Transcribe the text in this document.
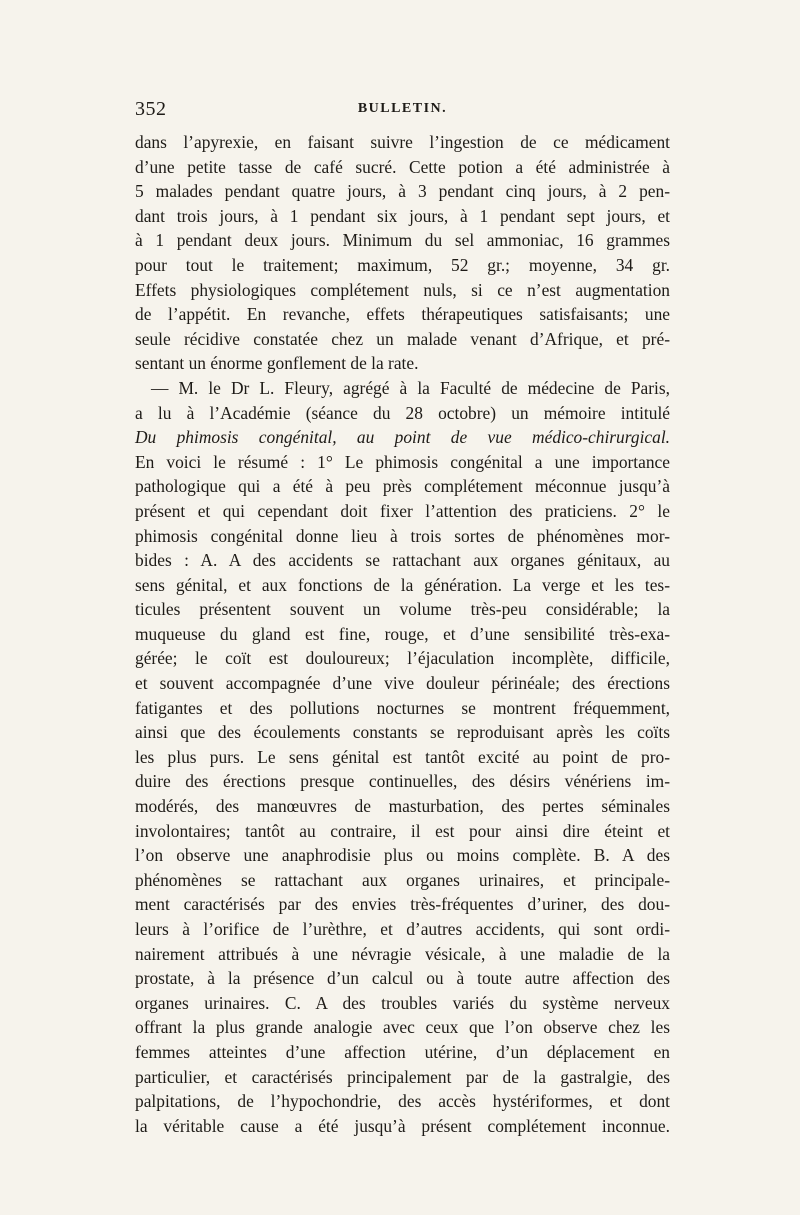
352	BULLETIN.
dans l’apyrexie, en faisant suivre l’ingestion de ce médicament
d’une petite tasse de café sucré. Cette potion a été administrée à
5 malades pendant quatre jours, à 3 pendant cinq jours, à 2 pen-
dant trois jours, à 1 pendant six jours, à 1 pendant sept jours, et
à 1 pendant deux jours. Minimum du sel ammoniac, 16 grammes
pour tout le traitement; maximum, 52 gr.; moyenne, 34 gr.
Effets physiologiques complétement nuls, si ce n’est augmentation
de l’appétit. En revanche, effets thérapeutiques satisfaisants; une
seule récidive constatée chez un malade venant d’Afrique, et pré-
sentant un énorme gonflement de la rate.
— M. le Dr L. Fleury, agrégé à la Faculté de médecine de Paris,
a lu à l’Académie (séance du 28 octobre) un mémoire intitulé
Du phimosis congénital, au point de vue médico-chirurgical.
En voici le résumé : 1° Le phimosis congénital a une importance
pathologique qui a été à peu près complétement méconnue jusqu’à
présent et qui cependant doit fixer l’attention des praticiens. 2° le
phimosis congénital donne lieu à trois sortes de phénomènes mor-
bides : A. A des accidents se rattachant aux organes génitaux, au
sens génital, et aux fonctions de la génération. La verge et les tes-
ticules présentent souvent un volume très-peu considérable; la
muqueuse du gland est fine, rouge, et d’une sensibilité très-exa-
gérée; le coït est douloureux; l’éjaculation incomplète, difficile,
et souvent accompagnée d’une vive douleur périnéale; des érections
fatigantes et des pollutions nocturnes se montrent fréquemment,
ainsi que des écoulements constants se reproduisant après les coïts
les plus purs. Le sens génital est tantôt excité au point de pro-
duire des érections presque continuelles, des désirs vénériens im-
modérés, des manœuvres de masturbation, des pertes séminales
involontaires; tantôt au contraire, il est pour ainsi dire éteint et
l’on observe une anaphrodisie plus ou moins complète. B. A des
phénomènes se rattachant aux organes urinaires, et principale-
ment caractérisés par des envies très-fréquentes d’uriner, des dou-
leurs à l’orifice de l’urèthre, et d’autres accidents, qui sont ordi-
nairement attribués à une névragie vésicale, à une maladie de la
prostate, à la présence d’un calcul ou à toute autre affection des
organes urinaires. C. A des troubles variés du système nerveux
offrant la plus grande analogie avec ceux que l’on observe chez les
femmes atteintes d’une affection utérine, d’un déplacement en
particulier, et caractérisés principalement par de la gastralgie, des
palpitations, de l’hypochondrie, des accès hystériformes, et dont
la véritable cause a été jusqu’à présent complétement inconnue.
